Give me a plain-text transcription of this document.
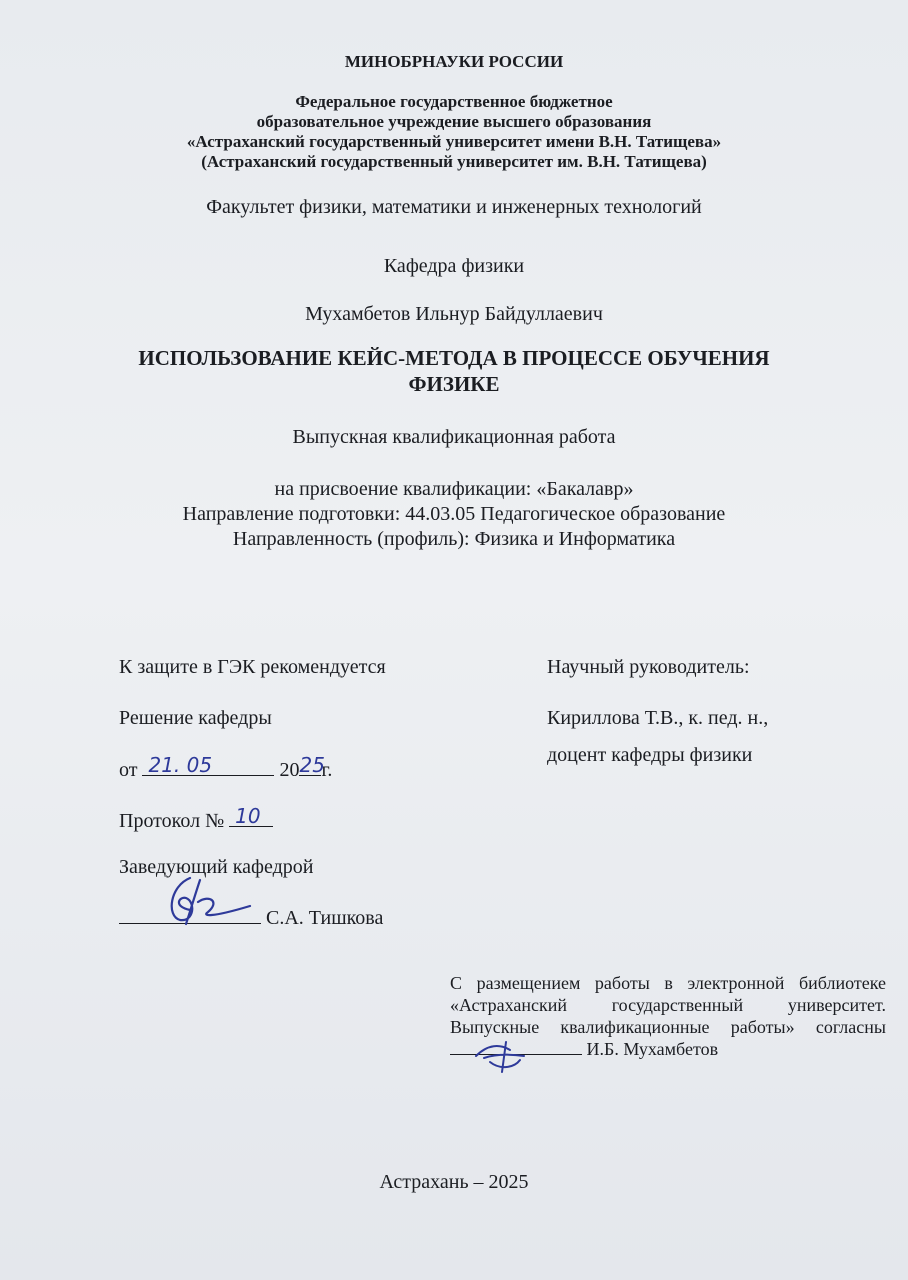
МИНОБРНАУКИ РОССИИ
Федеральное государственное бюджетное
образовательное учреждение высшего образования
«Астраханский государственный университет имени В.Н. Татищева»
(Астраханский государственный университет им. В.Н. Татищева)
Факультет физики, математики и инженерных технологий
Кафедра физики
Мухамбетов Ильнур Байдуллаевич
ИСПОЛЬЗОВАНИЕ КЕЙС-МЕТОДА В ПРОЦЕССЕ ОБУЧЕНИЯ
ФИЗИКЕ
Выпускная квалификационная работа
на присвоение квалификации: «Бакалавр»
Направление подготовки: 44.03.05 Педагогическое образование
Направленность (профиль): Физика и Информатика
К защите в ГЭК рекомендуется
Решение кафедры
от 21. 05	20 25
г.
Протокол № 10
Заведующий кафедрой
С.А. Тишкова
Научный руководитель:
Кириллова Т.В., к. пед. н.,
доцент кафедры физики
С размещением работы в электронной библиотеке
«Астраханский государственный университет.
Выпускные квалификационные работы» согласны
И.Б. Мухамбетов
Астрахань – 2025
